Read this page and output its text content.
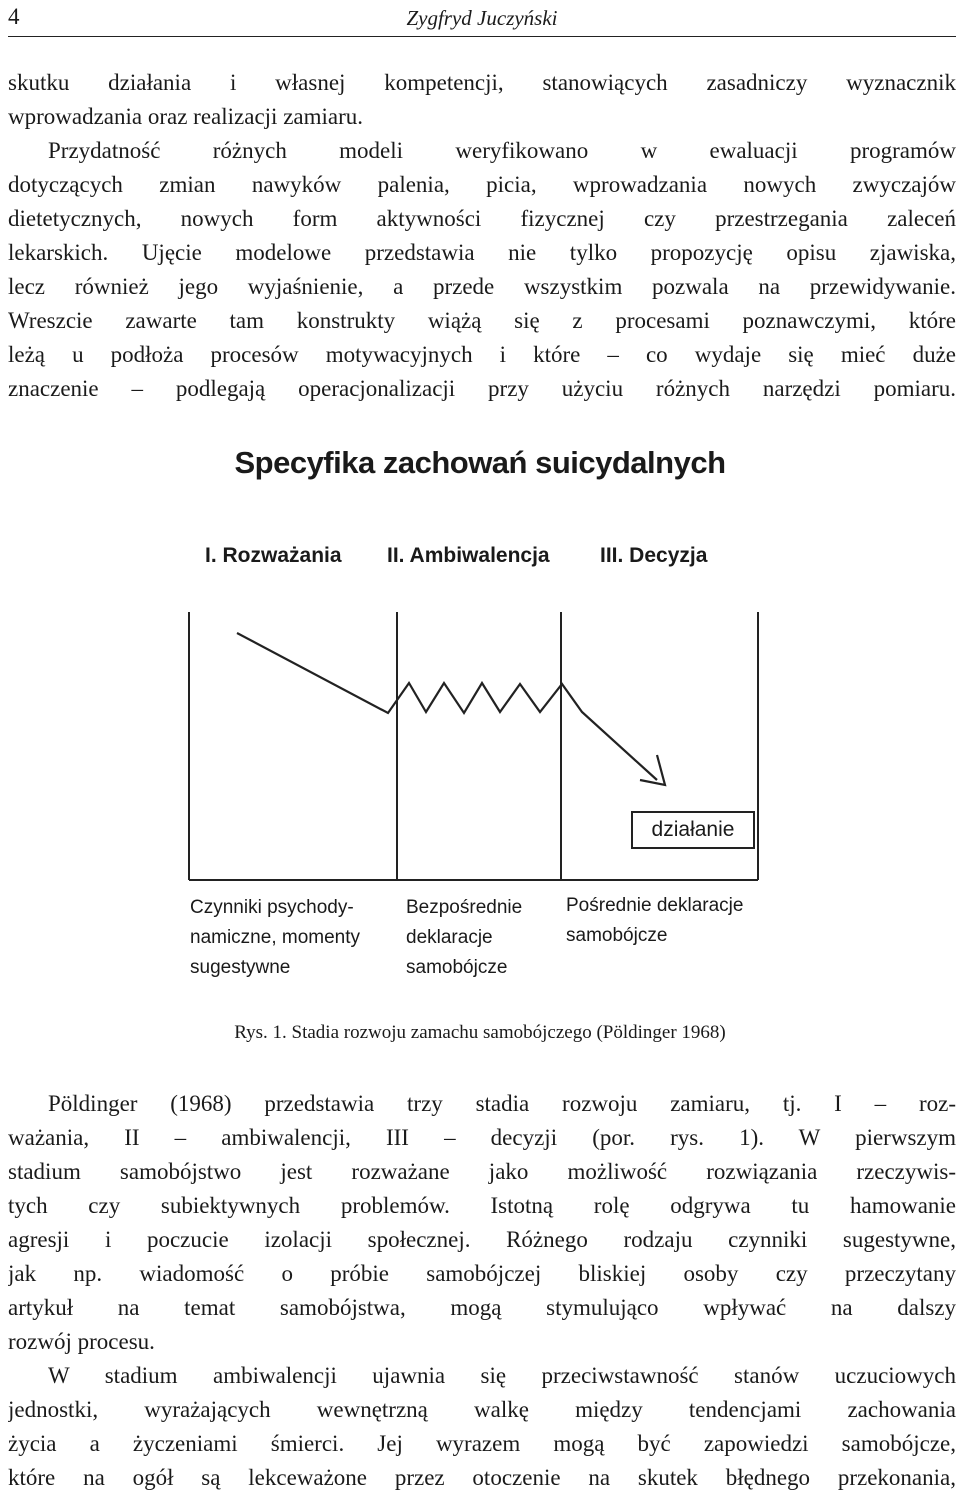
4	Zygfryd Juczyński
skutku działania i własnej kompetencji, stanowiących zasadniczy wyznacznik
wprowadzania oraz realizacji zamiaru.
Przydatność różnych modeli weryfikowano w ewaluacji programów
dotyczących zmian nawyków palenia, picia, wprowadzania nowych zwyczajów
dietetycznych, nowych form aktywności fizycznej czy przestrzegania zaleceń
lekarskich. Ujęcie modelowe przedstawia nie tylko propozycję opisu zjawiska,
lecz również jego wyjaśnienie, a przede wszystkim pozwala na przewidywanie.
Wreszcie zawarte tam konstrukty wiążą się z procesami poznawczymi, które
leżą u podłoża procesów motywacyjnych i które – co wydaje się mieć duże
znaczenie – podlegają operacjonalizacji przy użyciu różnych narzędzi pomiaru.
Specyfika zachowań suicydalnych
I. Rozważania II. Ambiwalencja III. Decyzja
działanie
Czynniki psychody-
namiczne, momenty
sugestywne
Bezpośrednie
deklaracje
samobójcze
Pośrednie deklaracje
samobójcze
Rys. 1. Stadia rozwoju zamachu samobójczego (Pöldinger 1968)
Pöldinger (1968) przedstawia trzy stadia rozwoju zamiaru, tj. I – roz-
ważania, II – ambiwalencji, III – decyzji (por. rys. 1). W pierwszym
stadium samobójstwo jest rozważane jako możliwość rozwiązania rzeczywis-
tych czy subiektywnych problemów. Istotną rolę odgrywa tu hamowanie
agresji i poczucie izolacji społecznej. Różnego rodzaju czynniki sugestywne,
jak np. wiadomość o próbie samobójczej bliskiej osoby czy przeczytany
artykuł na temat samobójstwa, mogą stymulująco wpływać na dalszy
rozwój procesu.
W stadium ambiwalencji ujawnia się przeciwstawność stanów uczuciowych
jednostki, wyrażających wewnętrzną walkę między tendencjami zachowania
życia a życzeniami śmierci. Jej wyrazem mogą być zapowiedzi samobójcze,
które na ogół są lekceważone przez otoczenie na skutek błędnego przekonania,
